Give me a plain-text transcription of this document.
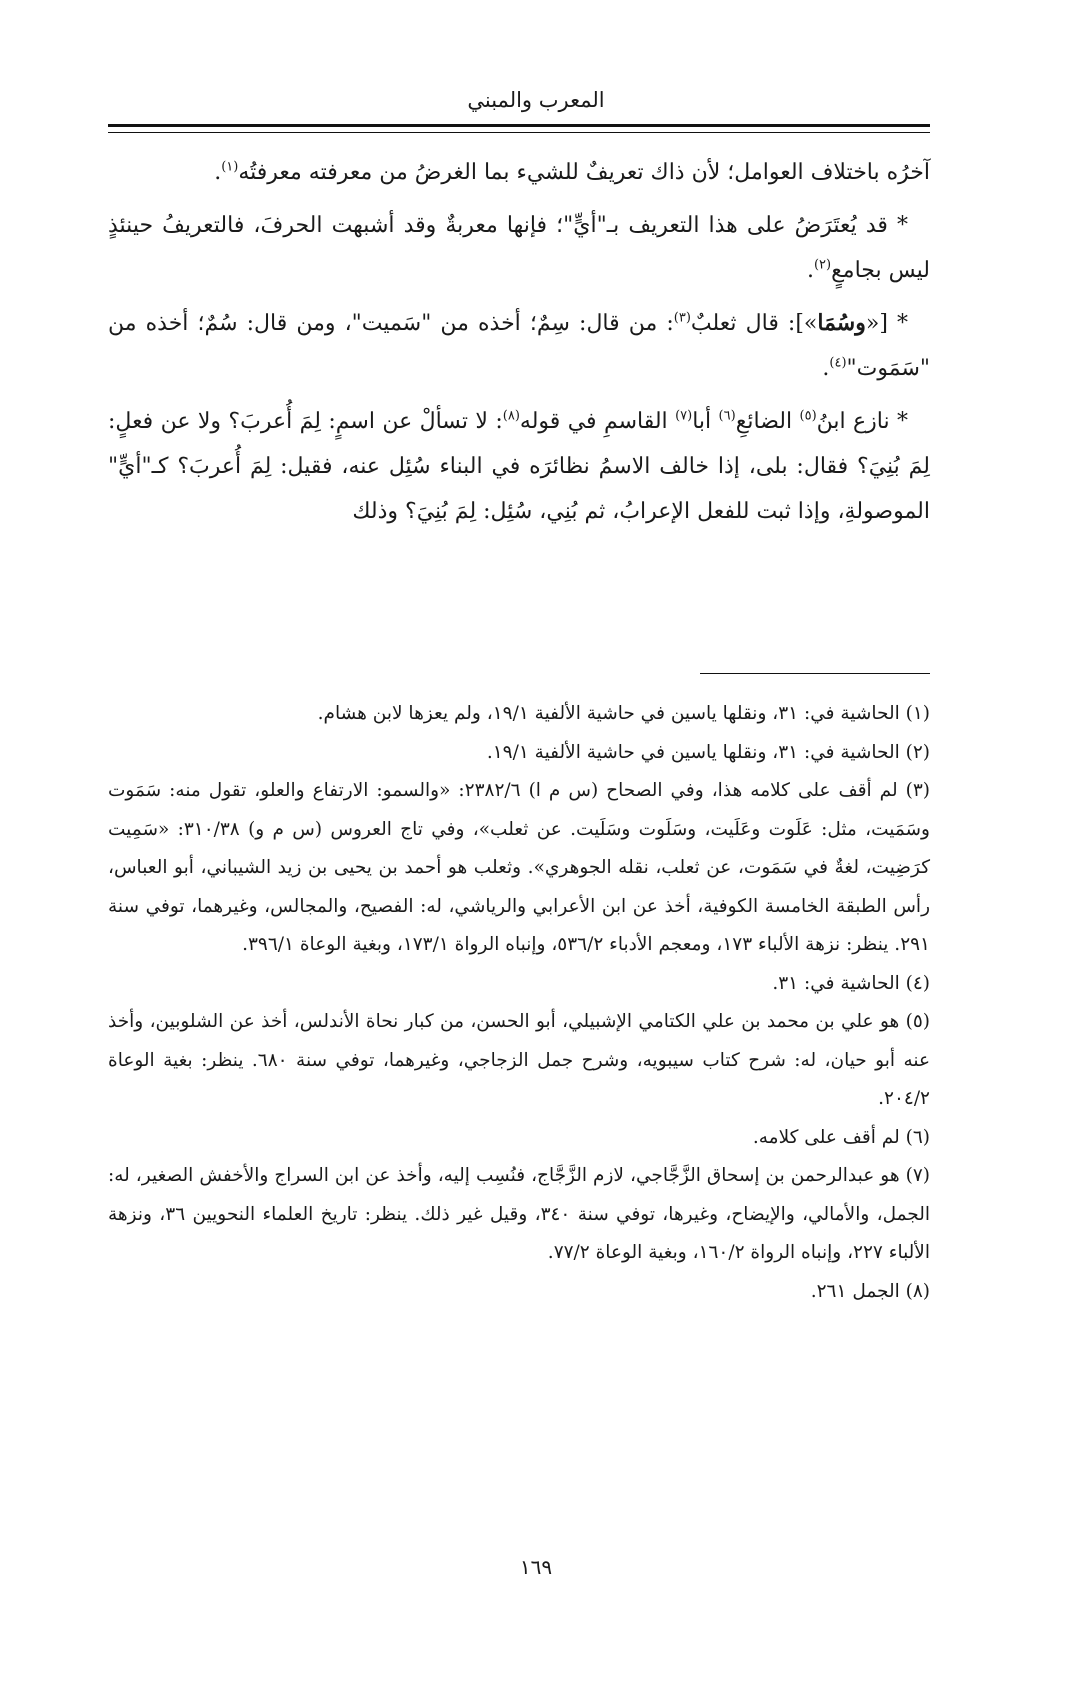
المعرب والمبني

آخرُه باختلاف العوامل؛ لأن ذاك تعريفٌ للشيء بما الغرضُ من معرفته معرفتُه$^{(١)}$.

* قد يُعتَرَضُ على هذا التعريف بـ"أيٍّ"؛ فإنها معربةٌ وقد أشبهت الحرفَ، فالتعريفُ حينئذٍ ليس بجامعٍ$^{(٢)}$.

* [«وسُمَا»]: قال ثعلبٌ$^{(٣)}$: من قال: سِمٌ؛ أخذه من "سَميت"، ومن قال: سُمٌ؛ أخذه من "سَمَوت"$^{(٤)}$.

* نازع ابنُ$^{(٥)}$ الضائعِ$^{(٦)}$ أبا$^{(٧)}$ القاسمِ في قوله$^{(٨)}$: لا تسألْ عن اسمٍ: لِمَ أُعربَ؟ ولا عن فعلٍ: لِمَ بُنِيَ؟ فقال: بلى، إذا خالف الاسمُ نظائرَه في البناء سُئِل عنه، فقيل: لِمَ أُعربَ؟ كـ"أيٍّ" الموصولةِ، وإذا ثبت للفعل الإعرابُ، ثم بُنِي، سُئِل: لِمَ بُنِيَ؟ وذلك

(١) الحاشية في: ٣١، ونقلها ياسين في حاشية الألفية ١٩/١، ولم يعزها لابن هشام.

(٢) الحاشية في: ٣١، ونقلها ياسين في حاشية الألفية ١٩/١.

(٣) لم أقف على كلامه هذا، وفي الصحاح (س م ا) ٢٣٨٢/٦: «والسمو: الارتفاع والعلو، تقول منه: سَمَوت وسَمَيت، مثل: عَلَوت وعَلَيت، وسَلَوت وسَلَيت. عن ثعلب»، وفي تاج العروس (س م و) ٣١٠/٣٨: «سَمِيت كرَضِيت، لغةٌ في سَمَوت، عن ثعلب، نقله الجوهري». وثعلب هو أحمد بن يحيى بن زيد الشيباني، أبو العباس، رأس الطبقة الخامسة الكوفية، أخذ عن ابن الأعرابي والرياشي، له: الفصيح، والمجالس، وغيرهما، توفي سنة ٢٩١. ينظر: نزهة الألباء ١٧٣، ومعجم الأدباء ٥٣٦/٢، وإنباه الرواة ١٧٣/١، وبغية الوعاة ٣٩٦/١.

(٤) الحاشية في: ٣١.

(٥) هو علي بن محمد بن علي الكتامي الإشبيلي، أبو الحسن، من كبار نحاة الأندلس، أخذ عن الشلوبين، وأخذ عنه أبو حيان، له: شرح كتاب سيبويه، وشرح جمل الزجاجي، وغيرهما، توفي سنة ٦٨٠. ينظر: بغية الوعاة ٢٠٤/٢.

(٦) لم أقف على كلامه.

(٧) هو عبدالرحمن بن إسحاق الزَّجَّاجي، لازم الزَّجَّاج، فنُسِب إليه، وأخذ عن ابن السراج والأخفش الصغير، له: الجمل، والأمالي، والإيضاح، وغيرها، توفي سنة ٣٤٠، وقيل غير ذلك. ينظر: تاريخ العلماء النحويين ٣٦، ونزهة الألباء ٢٢٧، وإنباه الرواة ١٦٠/٢، وبغية الوعاة ٧٧/٢.

(٨) الجمل ٢٦١.

١٦٩
